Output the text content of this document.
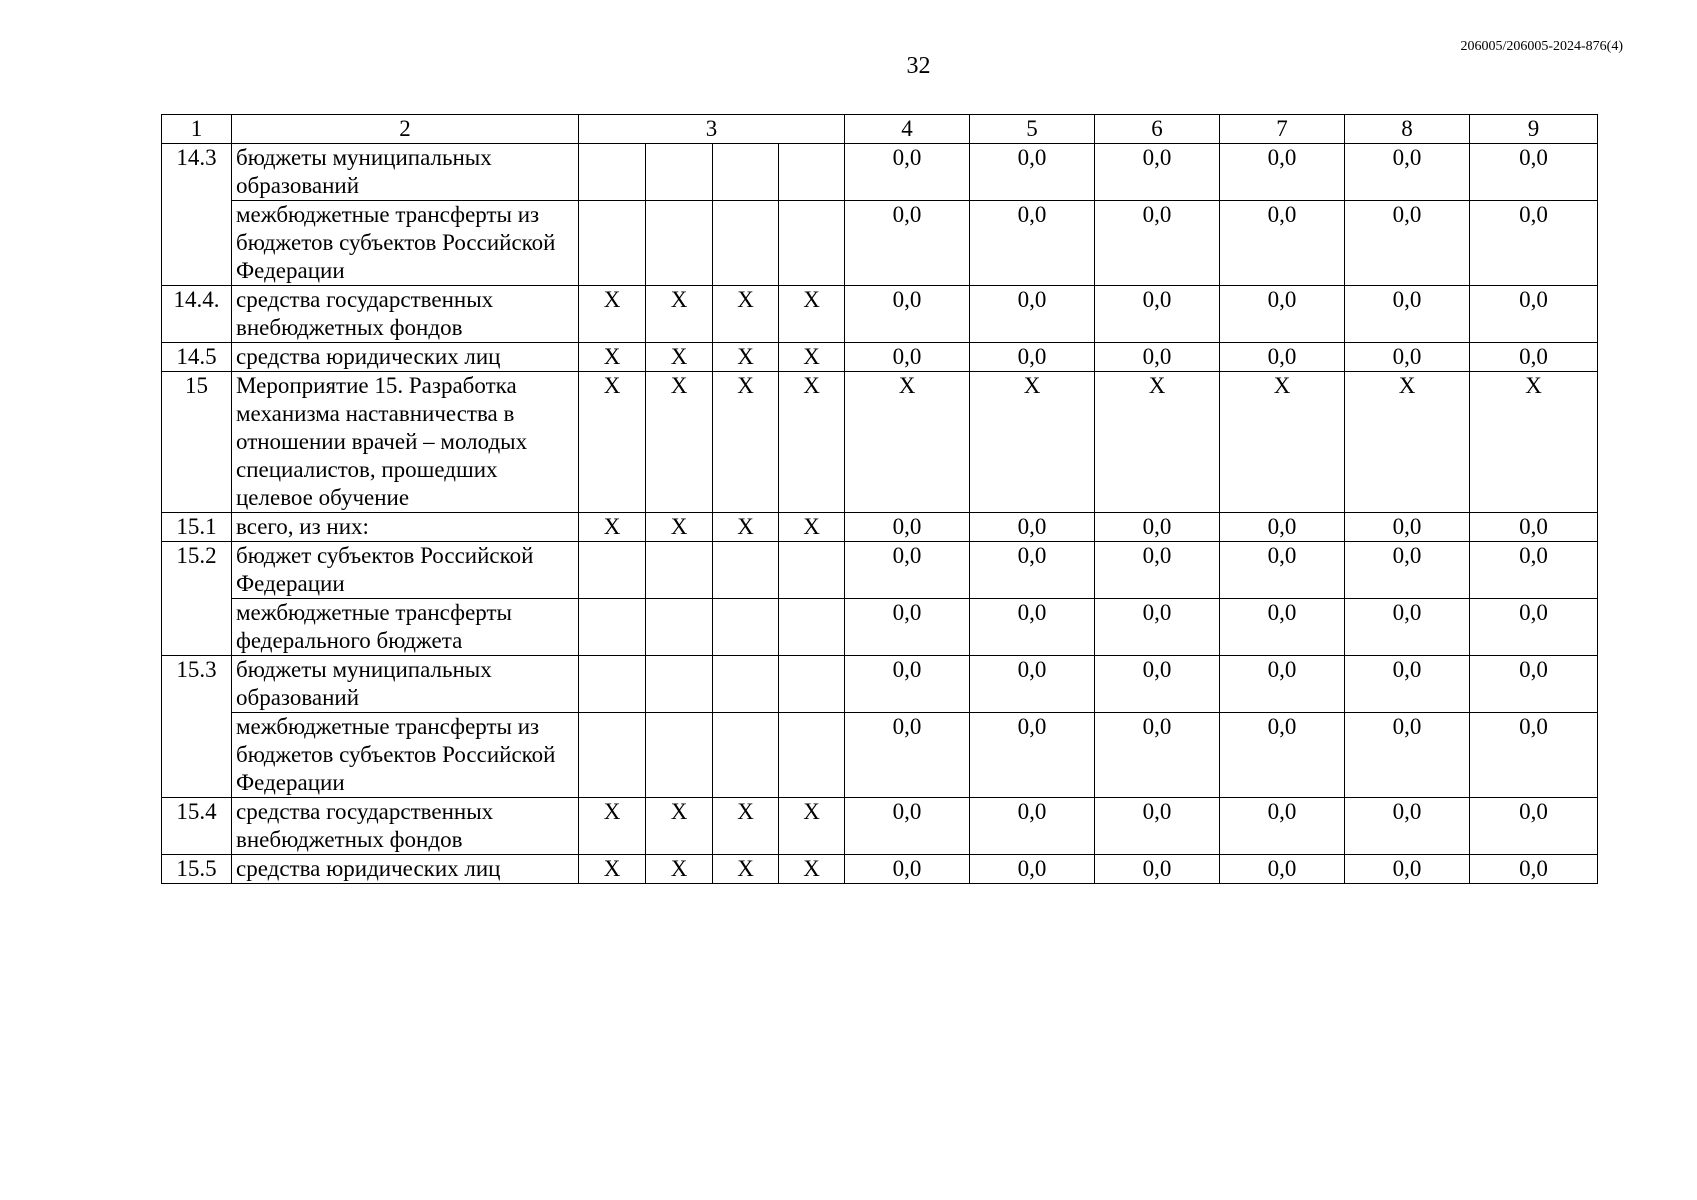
206005/206005-2024-876(4)
32
1	2	3				4	5	6	7	8	9
14.3	бюджеты муниципальных образований					0,0	0,0	0,0	0,0	0,0	0,0
	межбюджетные трансферты из бюджетов субъектов Российской Федерации					0,0	0,0	0,0	0,0	0,0	0,0
14.4.	средства государственных внебюджетных фондов	X	X	X	X	0,0	0,0	0,0	0,0	0,0	0,0
14.5	средства юридических лиц	X	X	X	X	0,0	0,0	0,0	0,0	0,0	0,0
15	Мероприятие 15. Разработка механизма наставничества в отношении врачей – молодых специалистов, прошедших целевое обучение	X	X	X	X	X	X	X	X	X	X
15.1	всего, из них:	X	X	X	X	0,0	0,0	0,0	0,0	0,0	0,0
15.2	бюджет субъектов Российской Федерации					0,0	0,0	0,0	0,0	0,0	0,0
	межбюджетные трансферты федерального бюджета					0,0	0,0	0,0	0,0	0,0	0,0
15.3	бюджеты муниципальных образований					0,0	0,0	0,0	0,0	0,0	0,0
	межбюджетные трансферты из бюджетов субъектов Российской Федерации					0,0	0,0	0,0	0,0	0,0	0,0
15.4	средства государственных внебюджетных фондов	X	X	X	X	0,0	0,0	0,0	0,0	0,0	0,0
15.5	средства юридических лиц	X	X	X	X	0,0	0,0	0,0	0,0	0,0	0,0
